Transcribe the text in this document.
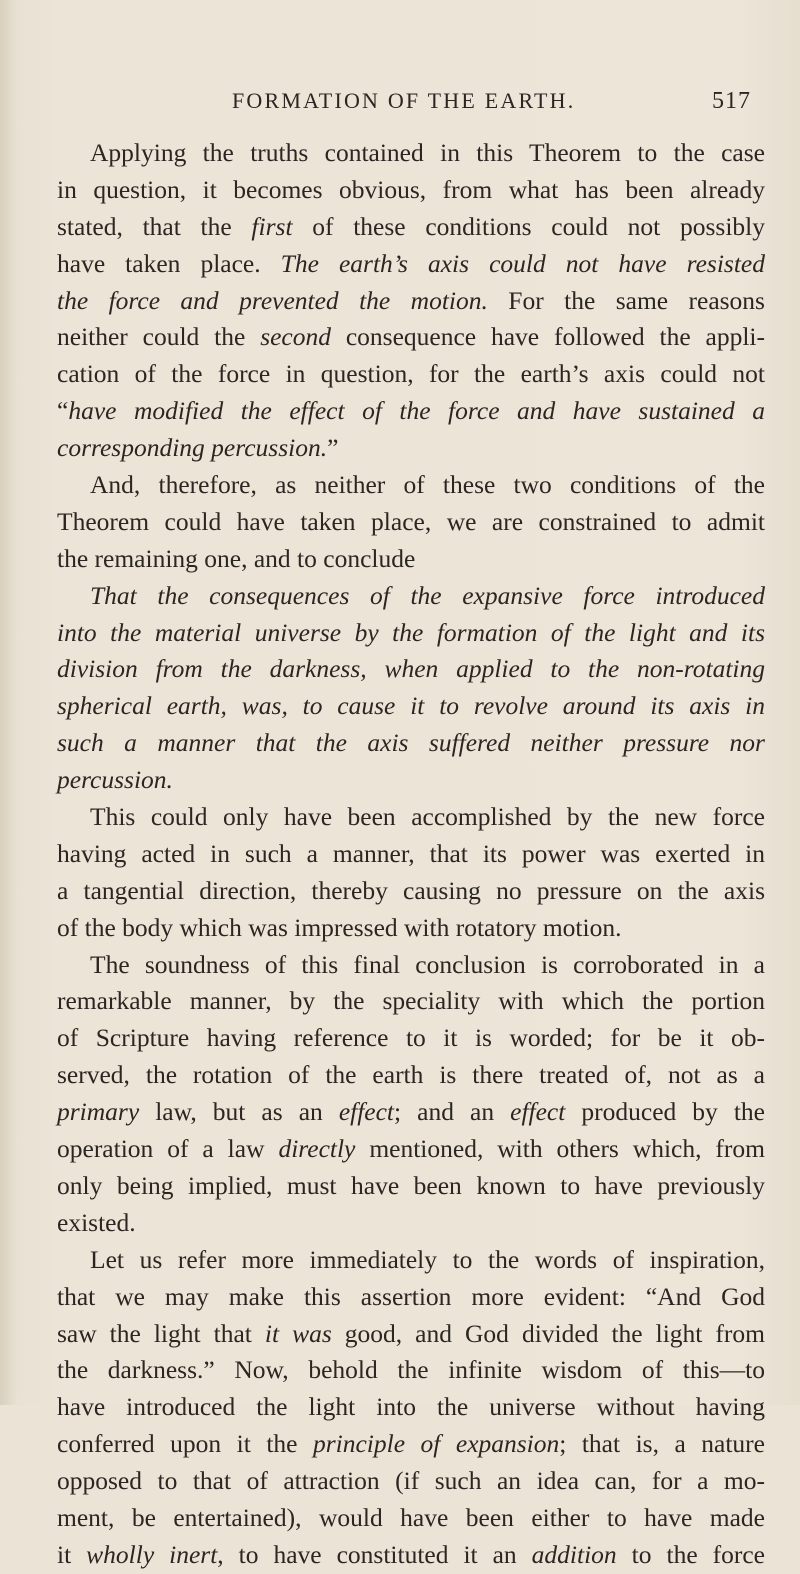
FORMATION OF THE EARTH.	517
Applying the truths contained in this Theorem to the case
in question, it becomes obvious, from what has been already
stated, that the first of these conditions could not possibly
have taken place. The earth’s axis could not have resisted
the force and prevented the motion. For the same reasons
neither could the second consequence have followed the appli-
cation of the force in question, for the earth’s axis could not
“have modified the effect of the force and have sustained a
corresponding percussion.”
And, therefore, as neither of these two conditions of the
Theorem could have taken place, we are constrained to admit
the remaining one, and to conclude
That the consequences of the expansive force introduced
into the material universe by the formation of the light and its
division from the darkness, when applied to the non-rotating
spherical earth, was, to cause it to revolve around its axis in
such a manner that the axis suffered neither pressure nor
percussion.
This could only have been accomplished by the new force
having acted in such a manner, that its power was exerted in
a tangential direction, thereby causing no pressure on the axis
of the body which was impressed with rotatory motion.
The soundness of this final conclusion is corroborated in a
remarkable manner, by the speciality with which the portion
of Scripture having reference to it is worded; for be it ob-
served, the rotation of the earth is there treated of, not as a
primary law, but as an effect; and an effect produced by the
operation of a law directly mentioned, with others which, from
only being implied, must have been known to have previously
existed.
Let us refer more immediately to the words of inspiration,
that we may make this assertion more evident: “And God
saw the light that it was good, and God divided the light from
the darkness.” Now, behold the infinite wisdom of this—to
have introduced the light into the universe without having
conferred upon it the principle of expansion; that is, a nature
opposed to that of attraction (if such an idea can, for a mo-
ment, be entertained), would have been either to have made
it wholly inert, to have constituted it an addition to the force
